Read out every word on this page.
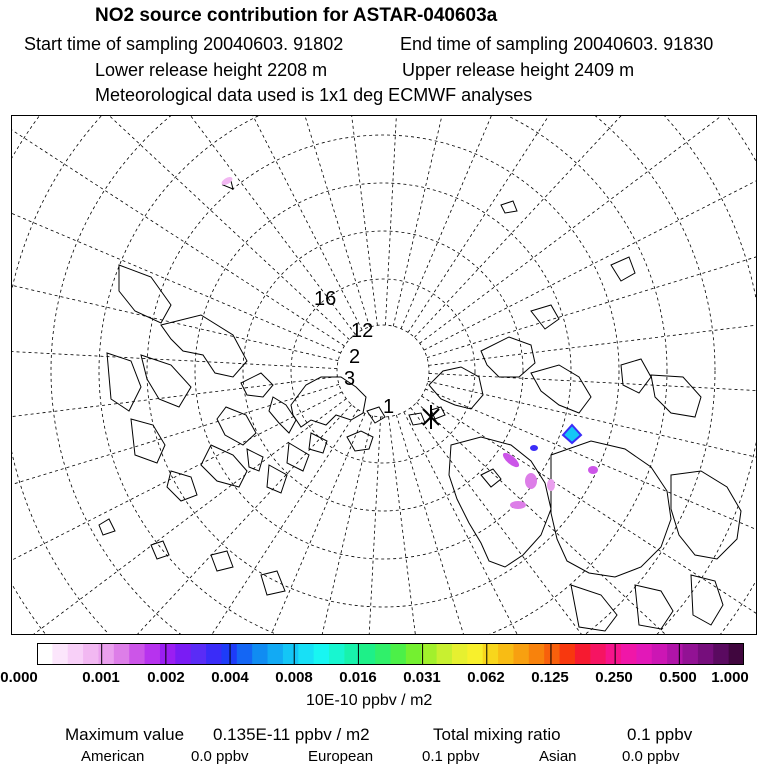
NO2 source contribution for ASTAR-040603a
Start time of sampling 20040603. 91802	End time of sampling 20040603. 91830
Lower release height 2208 m	Upper release height 2409 m
Meteorological data used is 1x1 deg ECMWF analyses
16
12
2
3
1
0.000	0.001 0.002 0.004 0.008 0.016 0.031 0.062 0.125 0.250 0.500 1.000
10E-10 ppbv / m2
Maximum value 0.135E-11 ppbv / m2	Total mixing ratio	0.1 ppbv
American	0.0 ppbv	European	0.1 ppbv	Asian	0.0 ppbv
